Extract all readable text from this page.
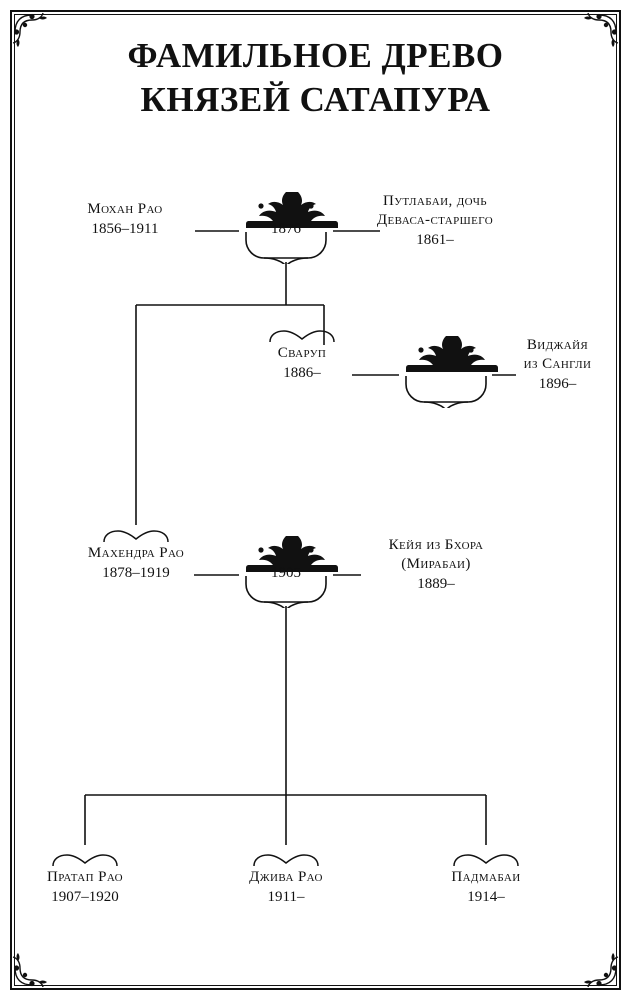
ФАМИЛЬНОЕ ДРЕВО
КНЯЗЕЙ САТАПУРА
Мохан Рао
1856–1911	1876
Путлабаи, дочь
Деваса-старшего
1861–
Сваруп
1886–
Виджайя
из Сангли
1896–
Махендра Рао
1878–1919	1905
Кейя из Бхора
(Мирабаи)
1889–
Пратап Рао
1907–1920
Джива Рао
1911–
Падмабаи
1914–
